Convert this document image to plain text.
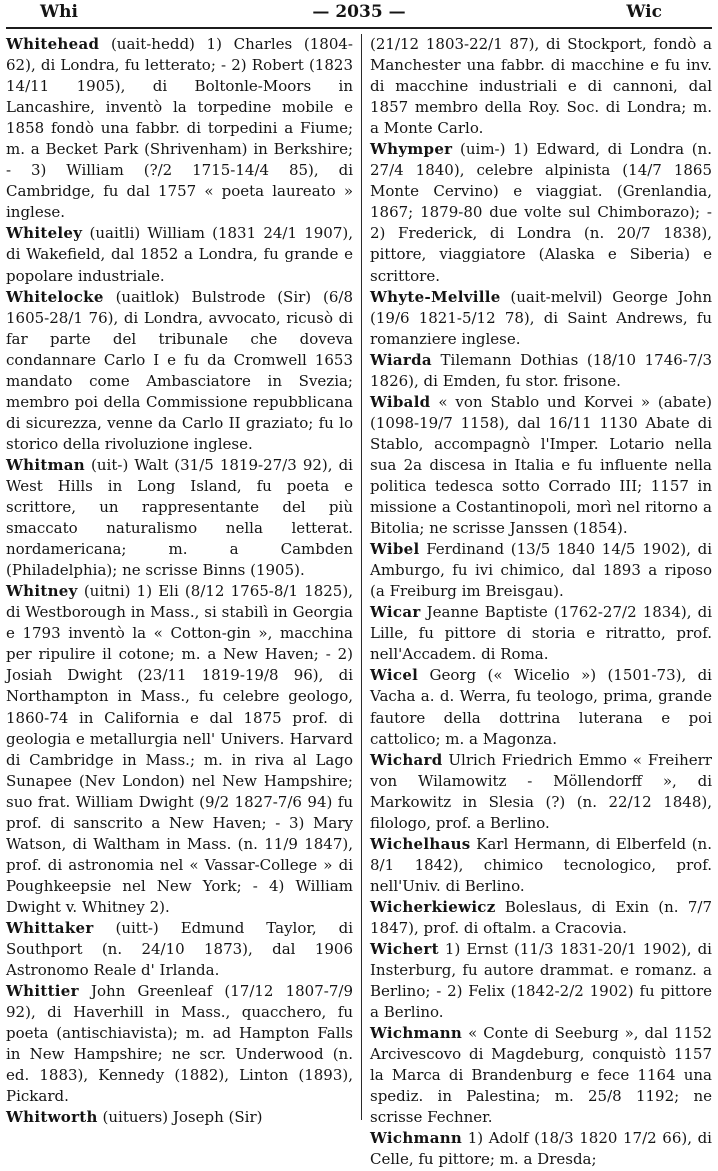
Whi	— 2035 —	Wic
Whitehead (uait-hedd) 1) Charles (1804-62), di Londra, fu letterato; - 2) Robert (1823 14/11 1905), di Boltonle-Moors in Lancashire, inventò la torpedine mobile e 1858 fondò una fabbr. di torpedini a Fiume; m. a Becket Park (Shrivenham) in Berkshire; - 3) William (?/2 1715-14/4 85), di Cambridge, fu dal 1757 « poeta laureato » inglese.
Whiteley (uaitli) William (1831 24/1 1907), di Wakefield, dal 1852 a Londra, fu grande e popolare industriale.
Whitelocke (uaitlok) Bulstrode (Sir) (6/8 1605-28/1 76), di Londra, avvocato, ricusò di far parte del tribunale che doveva condannare Carlo I e fu da Cromwell 1653 mandato come Ambasciatore in Svezia; membro poi della Commissione repubblicana di sicurezza, venne da Carlo II graziato; fu lo storico della rivoluzione inglese.
Whitman (uit-) Walt (31/5 1819-27/3 92), di West Hills in Long Island, fu poeta e scrittore, un rappresentante del più smaccato naturalismo nella letterat. nordamericana; m. a Cambden (Philadelphia); ne scrisse Binns (1905).
Whitney (uitni) 1) Eli (8/12 1765-8/1 1825), di Westborough in Mass., si stabilì in Georgia e 1793 inventò la « Cotton-gin », macchina per ripulire il cotone; m. a New Haven; - 2) Josiah Dwight (23/11 1819-19/8 96), di Northampton in Mass., fu celebre geologo, 1860-74 in California e dal 1875 prof. di geologia e metallurgia nell' Univers. Harvard di Cambridge in Mass.; m. in riva al Lago Sunapee (Nev London) nel New Hampshire; suo frat. William Dwight (9/2 1827-7/6 94) fu prof. di sanscrito a New Haven; - 3) Mary Watson, di Waltham in Mass. (n. 11/9 1847), prof. di astronomia nel « Vassar-College » di Poughkeepsie nel New York; - 4) William Dwight v. Whitney 2).
Whittaker (uitt-) Edmund Taylor, di Southport (n. 24/10 1873), dal 1906 Astronomo Reale d' Irlanda.
Whittier John Greenleaf (17/12 1807-7/9 92), di Haverhill in Mass., quacchero, fu poeta (antischiavista); m. ad Hampton Falls in New Hampshire; ne scr. Underwood (n. ed. 1883), Kennedy (1882), Linton (1893), Pickard.
Whitworth (uituers) Joseph (Sir)
(21/12 1803-22/1 87), di Stockport, fondò a Manchester una fabbr. di macchine e fu inv. di macchine industriali e di cannoni, dal 1857 membro della Roy. Soc. di Londra; m. a Monte Carlo.
Whymper (uim-) 1) Edward, di Londra (n. 27/4 1840), celebre alpinista (14/7 1865 Monte Cervino) e viaggiat. (Grenlandia, 1867; 1879-80 due volte sul Chimborazo); - 2) Frederick, di Londra (n. 20/7 1838), pittore, viaggiatore (Alaska e Siberia) e scrittore.
Whyte-Melville (uait-melvil) George John (19/6 1821-5/12 78), di Saint Andrews, fu romanziere inglese.
Wiarda Tilemann Dothias (18/10 1746-7/3 1826), di Emden, fu stor. frisone.
Wibald « von Stablo und Korvei » (abate) (1098-19/7 1158), dal 16/11 1130 Abate di Stablo, accompagnò l'Imper. Lotario nella sua 2a discesa in Italia e fu influente nella politica tedesca sotto Corrado III; 1157 in missione a Costantinopoli, morì nel ritorno a Bitolia; ne scrisse Janssen (1854).
Wibel Ferdinand (13/5 1840 14/5 1902), di Amburgo, fu ivi chimico, dal 1893 a riposo (a Freiburg im Breisgau).
Wicar Jeanne Baptiste (1762-27/2 1834), di Lille, fu pittore di storia e ritratto, prof. nell'Accadem. di Roma.
Wicel Georg (« Wicelio ») (1501-73), di Vacha a. d. Werra, fu teologo, prima, grande fautore della dottrina luterana e poi cattolico; m. a Magonza.
Wichard Ulrich Friedrich Emmo « Freiherr von Wilamowitz - Möllendorff », di Markowitz in Slesia (?) (n. 22/12 1848), filologo, prof. a Berlino.
Wichelhaus Karl Hermann, di Elberfeld (n. 8/1 1842), chimico tecnologico, prof. nell'Univ. di Berlino.
Wicherkiewicz Boleslaus, di Exin (n. 7/7 1847), prof. di oftalm. a Cracovia.
Wichert 1) Ernst (11/3 1831-20/1 1902), di Insterburg, fu autore drammat. e romanz. a Berlino; - 2) Felix (1842-2/2 1902) fu pittore a Berlino.
Wichmann « Conte di Seeburg », dal 1152 Arcivescovo di Magdeburg, conquistò 1157 la Marca di Brandenburg e fece 1164 una spediz. in Palestina; m. 25/8 1192; ne scrisse Fechner.
Wichmann 1) Adolf (18/3 1820 17/2 66), di Celle, fu pittore; m. a Dresda;
